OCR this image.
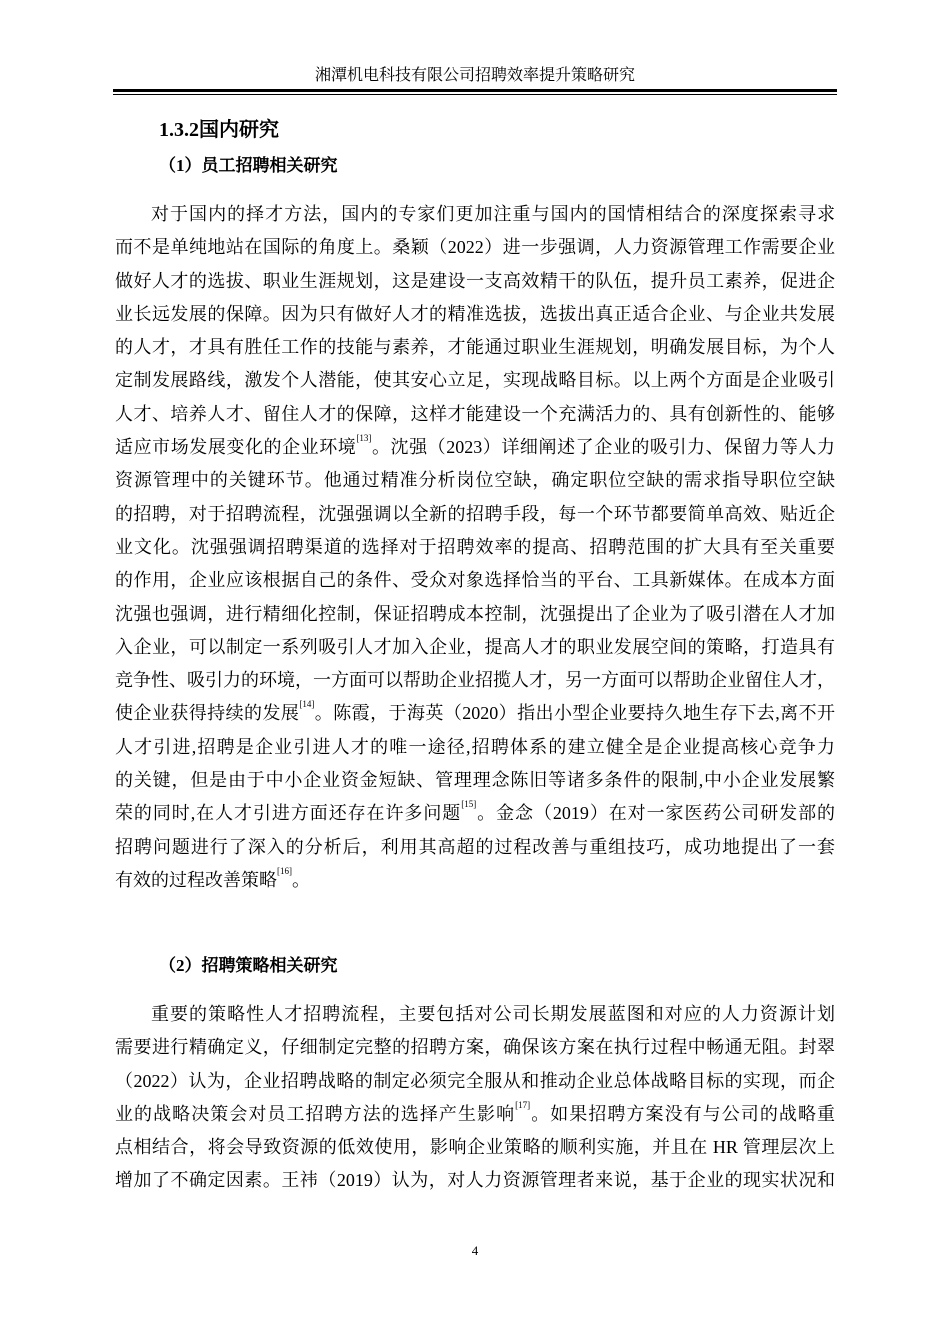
湘潭机电科技有限公司招聘效率提升策略研究
1.3.2国内研究
（1）员工招聘相关研究
对于国内的择才方法，国内的专家们更加注重与国内的国情相结合的深度探索寻求
而不是单纯地站在国际的角度上。桑颖（2022）进一步强调，人力资源管理工作需要企业
做好人才的选拔、职业生涯规划，这是建设一支高效精干的队伍，提升员工素养，促进企
业长远发展的保障。因为只有做好人才的精准选拔，选拔出真正适合企业、与企业共发展
的人才，才具有胜任工作的技能与素养，才能通过职业生涯规划，明确发展目标，为个人
定制发展路线，激发个人潜能，使其安心立足，实现战略目标。以上两个方面是企业吸引
人才、培养人才、留住人才的保障，这样才能建设一个充满活力的、具有创新性的、能够
适应市场发展变化的企业环境[13]。沈强（2023）详细阐述了企业的吸引力、保留力等人力
资源管理中的关键环节。他通过精准分析岗位空缺，确定职位空缺的需求指导职位空缺
的招聘，对于招聘流程，沈强强调以全新的招聘手段，每一个环节都要简单高效、贴近企
业文化。沈强强调招聘渠道的选择对于招聘效率的提高、招聘范围的扩大具有至关重要
的作用，企业应该根据自己的条件、受众对象选择恰当的平台、工具新媒体。在成本方面
沈强也强调，进行精细化控制，保证招聘成本控制，沈强提出了企业为了吸引潜在人才加
入企业，可以制定一系列吸引人才加入企业，提高人才的职业发展空间的策略，打造具有
竞争性、吸引力的环境，一方面可以帮助企业招揽人才，另一方面可以帮助企业留住人才，
使企业获得持续的发展[14]。陈霞，于海英（2020）指出小型企业要持久地生存下去,离不开
人才引进,招聘是企业引进人才的唯一途径,招聘体系的建立健全是企业提高核心竞争力
的关键，但是由于中小企业资金短缺、管理理念陈旧等诸多条件的限制,中小企业发展繁
荣的同时,在人才引进方面还存在许多问题[15]。金念（2019）在对一家医药公司研发部的
招聘问题进行了深入的分析后，利用其高超的过程改善与重组技巧，成功地提出了一套
有效的过程改善策略[16]。
（2）招聘策略相关研究
重要的策略性人才招聘流程，主要包括对公司长期发展蓝图和对应的人力资源计划
需要进行精确定义，仔细制定完整的招聘方案，确保该方案在执行过程中畅通无阻。封翠
（2022）认为，企业招聘战略的制定必须完全服从和推动企业总体战略目标的实现，而企
业的战略决策会对员工招聘方法的选择产生影响[17]。如果招聘方案没有与公司的战略重
点相结合，将会导致资源的低效使用，影响企业策略的顺利实施，并且在 HR 管理层次上
增加了不确定因素。王祎（2019）认为，对人力资源管理者来说，基于企业的现实状况和
4
